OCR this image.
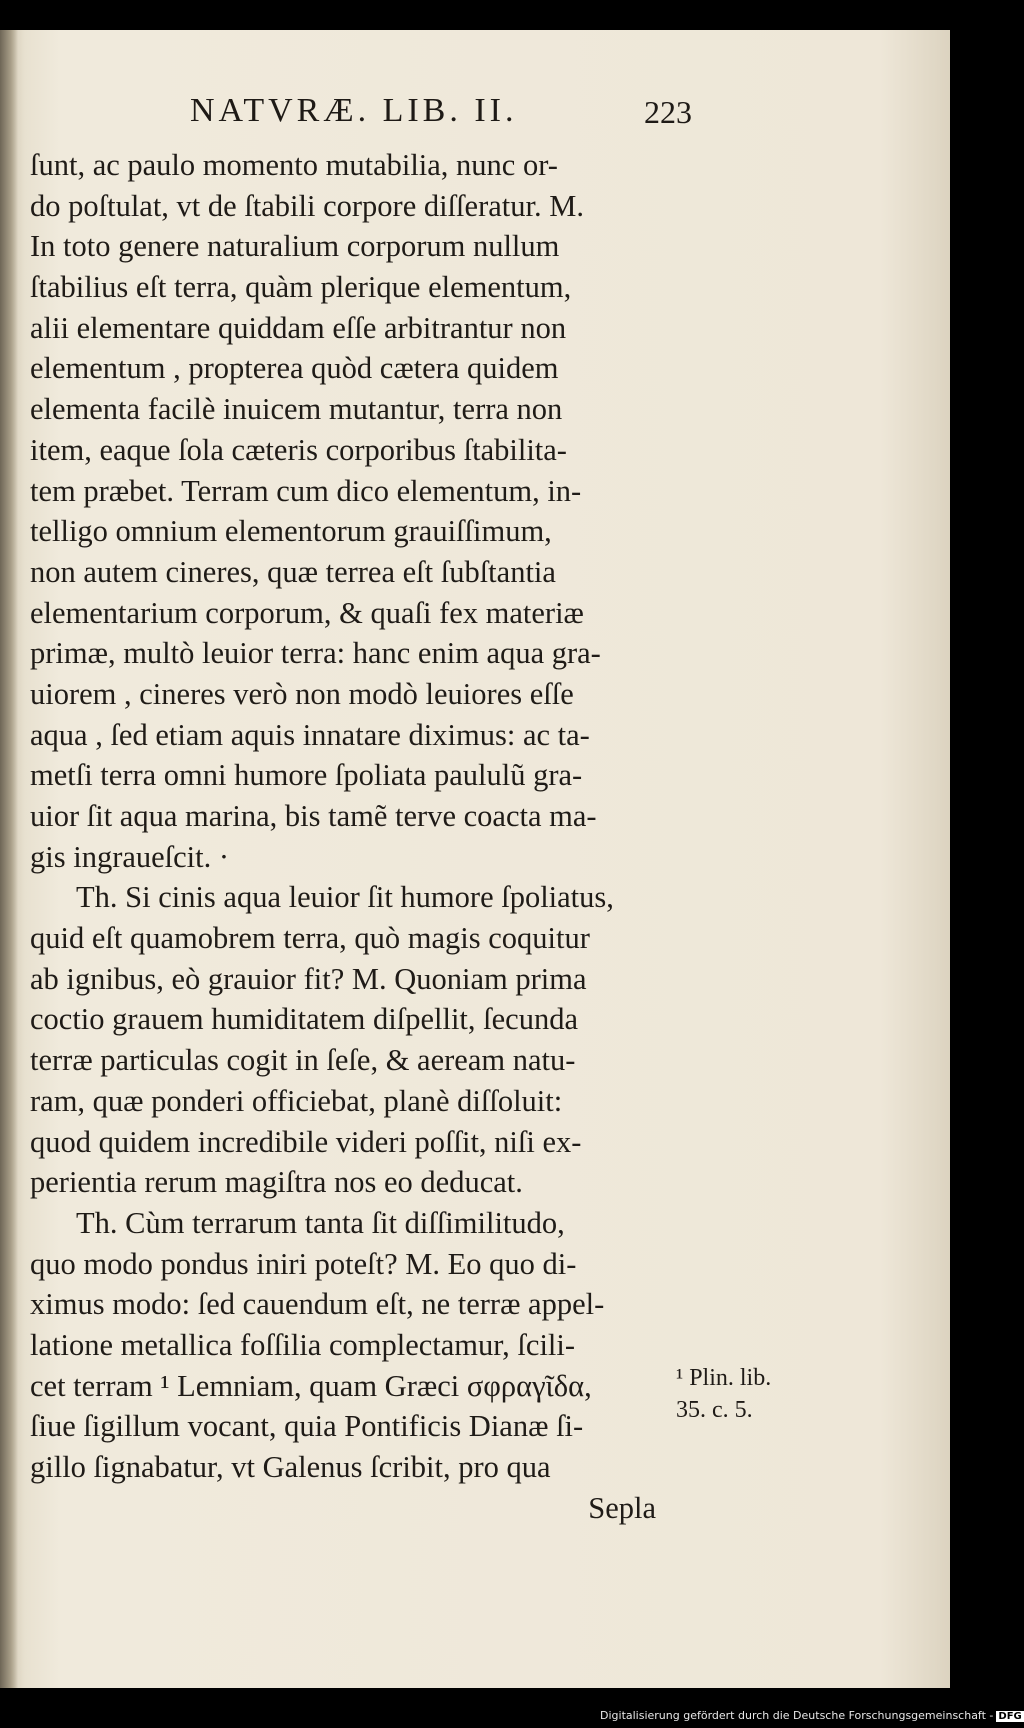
NATVRÆ. LIB. II.	223
ſunt, ac paulo momento mutabilia, nunc or-
do poſtulat, vt de ſtabili corpore diſſeratur. M.
In toto genere naturalium corporum nullum
ſtabilius eſt terra, quàm plerique elementum,
alii elementare quiddam eſſe arbitrantur non
elementum , propterea quòd cætera quidem
elementa facilè inuicem mutantur, terra non
item, eaque ſola cæteris corporibus ſtabilita-
tem præbet. Terram cum dico elementum, in-
telligo omnium elementorum grauiſſimum,
non autem cineres, quæ terrea eſt ſubſtantia
elementarium corporum, & quaſi fex materiæ
primæ, multò leuior terra: hanc enim aqua gra-
uiorem , cineres verò non modò leuiores eſſe
aqua , ſed etiam aquis innatare diximus: ac ta-
metſi terra omni humore ſpoliata paululũ gra-
uior ſit aqua marina, bis tamẽ terve coacta ma-
gis ingraueſcit. ·
Th. Si cinis aqua leuior ſit humore ſpoliatus,
quid eſt quamobrem terra, quò magis coquitur
ab ignibus, eò grauior fit? M. Quoniam prima
coctio grauem humiditatem diſpellit, ſecunda
terræ particulas cogit in ſeſe, & aeream natu-
ram, quæ ponderi officiebat, planè diſſoluit:
quod quidem incredibile videri poſſit, niſi ex-
perientia rerum magiſtra nos eo deducat.
Th. Cùm terrarum tanta ſit diſſimilitudo,
quo modo pondus iniri poteſt? M. Eo quo di-
ximus modo: ſed cauendum eſt, ne terræ appel-
latione metallica foſſilia complectamur, ſcili-
cet terram ¹ Lemniam, quam Græci σφραγῖδα,
ſiue ſigillum vocant, quia Pontificis Dianæ ſi-
gillo ſignabatur, vt Galenus ſcribit, pro qua
Sepla
¹ Plin. lib.
35. c. 5.
Digitalisierung gefördert durch die Deutsche Forschungsgemeinschaft - DFG
